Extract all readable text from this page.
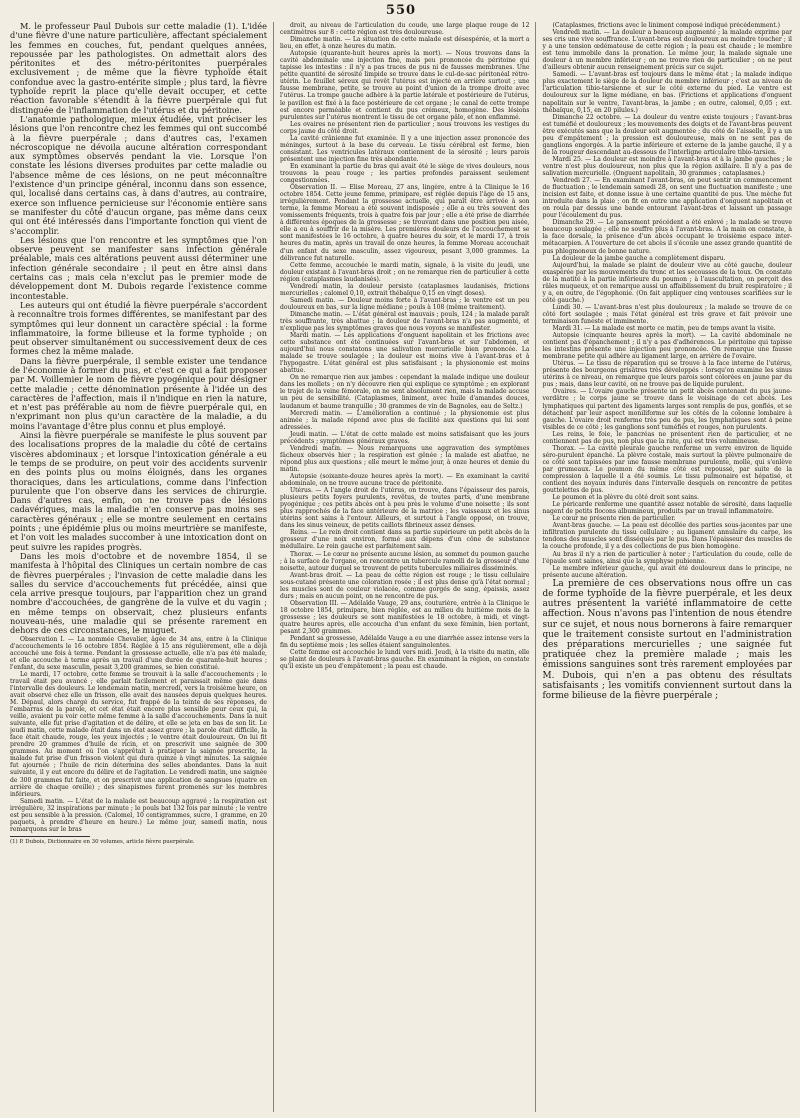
550

M. le professeur Paul Dubois sur cette maladie (1). L'idée d'une fièvre d'une nature particulière, affectant spécialement les femmes en couches, fut, pendant quelques années, repoussée par les pathologistes. On admettait alors des péritonites et des métro-péritonites puerpérales exclusivement ; de même que la fièvre typhoïde était confondue avec la gastro-entérite simple ; plus tard, la fièvre typhoïde reprit la place qu'elle devait occuper, et cette réaction favorable s'étendit à la fièvre puerpérale qui fut distinguée de l'inflammation de l'utérus et du péritoine.

L'anatomie pathologique, mieux étudiée, vint préciser les lésions que l'on rencontre chez les femmes qui ont succombé à la fièvre puerpérale ; dans d'autres cas, l'examen nécroscopique ne dévoila aucune altération correspondant aux symptômes observés pendant la vie. Lorsque l'on constate les lésions diverses produites par cette maladie ou l'absence même de ces lésions, on ne peut méconnaître l'existence d'un principe général, inconnu dans son essence, qui, localisé dans certains cas, à dans d'autres, au contraire, exerce son influence pernicieuse sur l'économie entière sans se manifester du côté d'aucun organe, pas même dans ceux qui ont été intéressés dans l'importante fonction qui vient de s'accomplir.

Les lésions que l'on rencontre et les symptômes que l'on observe peuvent se manifester sans infection générale préalable, mais ces altérations peuvent aussi déterminer une infection générale secondaire ; il peut en être ainsi dans certains cas ; mais cela n'exclut pas le premier mode de développement dont M. Dubois regarde l'existence comme incontestable.

Les auteurs qui ont étudié la fièvre puerpérale s'accordent à reconnaître trois formes différentes, se manifestant par des symptômes qui leur donnent un caractère spécial : la forme inflammatoire, la forme bilieuse et la forme typhoïde ; on peut observer simultanément ou successivement deux de ces formes chez la même malade.

Dans la fièvre puerpérale, il semble exister une tendance de l'économie à former du pus, et c'est ce qui a fait proposer par M. Voillemier le nom de fièvre pyogénique pour désigner cette maladie ; cette dénomination présente à l'idée un des caractères de l'affection, mais il n'indique en rien la nature, et n'est pas préférable au nom de fièvre puerpérale qui, en n'exprimant non plus qu'un caractère de la maladie, a du moins l'avantage d'être plus connu et plus employé.

Ainsi la fièvre puerpérale se manifeste le plus souvent par des localisations propres de la maladie du côté de certains viscères abdominaux ; et lorsque l'intoxication générale a eu le temps de se produire, on peut voir des accidents survenir en des points plus ou moins éloignés, dans les organes thoraciques, dans les articulations, comme dans l'infection purulente que l'on observe dans les services de chirurgie. Dans d'autres cas, enfin, on ne trouve pas de lésions cadavériques, mais la maladie n'en conserve pas moins ses caractères généraux ; elle se montre seulement en certains points ; une épidémie plus ou moins meurtrière se manifeste, et l'on voit les malades succomber à une intoxication dont on peut suivre les rapides progrès.

Dans les mois d'octobre et de novembre 1854, il se manifesta à l'hôpital des Cliniques un certain nombre de cas de fièvres puerpérales ; l'invasion de cette maladie dans les salles du service d'accouchements fut précédée, ainsi que cela arrive presque toujours, par l'apparition chez un grand nombre d'accouchées, de gangrène de la vulve et du vagin ; en même temps on observait, chez plusieurs enfants nouveau-nés, une maladie qui se présente rarement en dehors de ces circonstances, le muguet.

Observation I. — La nommée Chevalier, âgée de 34 ans, entre à la Clinique d'accouchements le 16 octobre 1854. Réglée à 15 ans régulièrement, elle a déjà accouché une fois à terme. Pendant la grossesse actuelle, elle n'a pas été malade, et elle accouche à terme après un travail d'une durée de quarante-huit heures ; l'enfant, du sexe masculin, pesait 3,200 grammes, se bien constitué.

Le mardi, 17 octobre, cette femme se trouvait à la salle d'accouchements ; le travail était peu avancé ; elle parlait facilement et paraissait même gaie dans l'intervalle des douleurs. Le lendemain matin, mercredi, vers la troisième heure, on avait observé chez elle un frisson, elle avait des nausées depuis quelques heures. M. Dépaul, alors chargé du service, fut frappé de la teinte de ses réponses, de l'embarras de la parole, et cet état était encore plus sensible pour ceux qui, la veille, avaient pu voir cette même femme à la salle d'accouchements. Dans la nuit suivante, elle fut prise d'agitation et de délire, et elle se jeta en bas de son lit. Le jeudi matin, cette malade était dans un état assez grave ; la parole était difficile, la face était chaude, rouge, les yeux injectés ; le ventre était douloureux. On lui fit prendre 20 grammes d'huile de ricin, et on prescrivit une saignée de 300 grammes. Au moment où l'on s'apprêtait à pratiquer la saignée prescrite, la malade fut prise d'un frisson violent qui dura quinze à vingt minutes. La saignée fut ajournée ; l'huile de ricin détermina des selles abondantes. Dans la nuit suivante, il y eut encore du délire et de l'agitation. Le vendredi matin, une saignée de 300 grammes fut faite, et on prescrivit une application de sangsues (quatre en arrière de chaque oreille) ; des sinapismes furent promenés sur les membres inférieurs.

Samedi matin. — L'état de la malade est beaucoup aggravé ; la respiration est irrégulière, 32 inspirations par minute ; le pouls bat 132 fois par minute ; le ventre est peu sensible à la pression. (Calomel, 10 centigrammes, sucre, 1 gramme, en 20 paquets, à prendre d'heure en heure.) Le même jour, samedi matin, nous remarquons sur le bras

(1) P. Dubois, Dictionnaire en 30 volumes, article fièvre puerpérale.

droit, au niveau de l'articulation du coude, une large plaque rouge de 12 centimètres sur 8 : cette région est très douloureuse.

Dimanche matin. — La situation de cette malade est désespérée, et la mort a lieu, en effet, à onze heures du matin.

Autopsie (quarante-huit heures après la mort). — Nous trouvons dans la cavité abdominale une injection fine, mais peu prononcée du péritoine qui tapisse les intestins : il n'y a pas traces de pus ni de fausses membranes. Une petite quantité de sérosité limpide se trouve dans le cul-de-sac péritonéal rétro-utérin. Le feuillet séreux qui revêt l'utérus est injecté en arrière surtout ; une fausse membrane, petite, se trouve au point d'union de la trompe droite avec l'utérus. La trompe gauche adhère à la partie latérale et postérieure de l'utérus, le pavillon est fixé à la face postérieure de cet organe ; le canal de cette trompe est encore perméable et contient du pus crémeux, homogène. Des lésions purulentes sur l'utérus montrent le tissu de cet organe pâle, et non enflammé.

Les ovaires ne présentent rien de particulier ; nous trouvons les vestiges du corps jaune du côté droit.

La cavité crânienne fut examinée. Il y a une injection assez prononcée des méninges, surtout à la base du cerveau. Le tissu cérébral est ferme, bien consistant. Les ventricules latéraux contiennent de la sérosité ; leurs parois présentent une injection fine très abondante.

En examinant la partie du bras qui avait été le siège de vives douleurs, nous trouvons la peau rouge ; les parties profondes paraissent seulement congestionnées.

Observation II. — Elise Moreau, 27 ans, lingère, entre à la Clinique le 16 octobre 1854. Cette jeune femme, primipare, est réglée depuis l'âge de 15 ans, irrégulièrement. Pendant la grossesse actuelle, qui paraît être arrivée à son terme, la femme Moreau a été souvent indisposée ; elle a eu très souvent des vomissements fréquents, trois à quatre fois par jour ; elle a été prise de diarrhée à différentes époques de la grossesse ; se trouvant dans une position peu aisée, elle a eu à souffrir de la misère. Les premières douleurs de l'accouchement se sont manifestées le 16 octobre, à quatre heures du soir, et le mardi 17, à trois heures du matin, après un travail de onze heures, la femme Moreau accouchait d'un enfant du sexe masculin, assez vigoureux, pesant 3,000 grammes. La délivrance fut naturelle.

Cette femme, accouchée le mardi matin, signale, à la visite du jeudi, une douleur existant à l'avant-bras droit ; on ne remarque rien de particulier à cette région (cataplasmes laudanisés).

Vendredi matin, la douleur persiste (cataplasmes laudanisés, frictions mercurielles ; calomel 0,10, extrait thébaïque 0,15 en vingt doses).

Samedi matin. — Douleur moins forte à l'avant-bras ; le ventre est un peu douloureux en bas, sur la ligne médiane ; pouls à 108 (même traitement).

Dimanche matin. — L'état général est mauvais ; pouls, 124 ; la malade paraît très souffrante, très abattue ; la douleur de l'avant-bras n'a pas augmenté, et n'explique pas les symptômes graves que nous voyons se manifester.

Mardi matin. — Les applications d'onguent napolitain et les frictions avec cette substance ont été continuées sur l'avant-bras et sur l'abdomen, et aujourd'hui nous constatons une salivation mercurielle bien prononcée. La malade se trouve soulagée ; la douleur est moins vive à l'avant-bras et à l'hypogastre. L'état général est plus satisfaisant ; la physionomie est moins abattue.

On ne remarque rien aux jambes : cependant la malade indique une douleur dans les mollets ; on n'y découvre rien qui explique ce symptôme ; en explorant le trajet de la veine fémorale, on ne sent absolument rien, mais la malade accuse un peu de sensibilité. (Cataplasmes, liniment, avec huile d'amandes douces, laudanum et baume tranquille ; 30 grammes de vin de Bagnoles, eau de Seltz.)

Mercredi matin. — L'amélioration a continué ; la physionomie est plus animée ; la malade répond avec plus de facilité aux questions qui lui sont adressées.

Jeudi matin. — L'état de cette malade est moins satisfaisant que les jours précédents ; symptômes généraux graves.

Vendredi matin. — Nous remarquons une aggravation des symptômes fâcheux observés hier ; la respiration est gênée ; la malade est abattue, ne répond plus aux questions ; elle meurt le même jour, à onze heures et demie du matin.

Autopsie (soixante-douze heures après la mort). — En examinant la cavité abdominale, on ne trouve aucune trace de péritonite.

Utérus. — A l'angle droit de l'utérus, on trouve, dans l'épaisseur des parois, plusieurs petits foyers purulents, revêtus, de toutes parts, d'une membrane pyogénique ; ces petits abcès ont à peu près le volume d'une noisette ; ils sont plus rapprochés de la face antérieure de la matrice ; les vaisseaux et les sinus utérins sont sains à l'entour. Ailleurs, et surtout à l'angle opposé, on trouve, dans les sinus veineux, de petits caillots fibrineux assez denses.

Reins. — Le rein droit contient dans sa partie supérieure un petit abcès de la grosseur d'une noix environ, formé aux dépens d'un cône de substance médullaire. Le rein gauche est parfaitement sain.

Thorax. — Le cœur ne présente aucune lésion, au sommet du poumon gauche ; à la surface de l'organe, on rencontre un tubercule ramolli de la grosseur d'une noisette, autour duquel se trouvent de petits tubercules miliaires disséminés.

Avant-bras droit. — La peau de cette région est rouge ; le tissu cellulaire sous-cutané présente une coloration rosée ; il est plus dense qu'à l'état normal ; les muscles sont de couleur violacée, comme gorgés de sang, épaissis, assez durs ; mais en aucun point, on ne rencontre de pus.

Observation III. — Adélaïde Vauge, 29 ans, couturière, entrée à la Clinique le 18 octobre 1854, primipare, bien réglée, est au milieu du huitième mois de la grossesse ; les douleurs se sont manifestées le 18 octobre, à midi, et vingt-quatre heures après, elle accoucha d'un enfant du sexe féminin, bien portant, pesant 2,300 grammes.

Pendant sa grossesse, Adélaïde Vauge a eu une diarrhée assez intense vers la fin du septième mois ; les selles étaient sanguinolentes.

Cette femme est accouchée le lundi vers midi. Jeudi, à la visite du matin, elle se plaint de douleurs à l'avant-bras gauche. En examinant la région, on constate qu'il existe un peu d'empâtement ; la peau est chaude.

(Cataplasmes, frictions avec le liniment composé indiqué précédemment.)

Vendredi matin. — La douleur a beaucoup augmenté ; la malade exprime par ses cris une vive souffrance. L'avant-bras est douloureux au moindre toucher ; il y a une tension œdémateuse de cette région ; la peau est chaude ; le membre est tenu immobile dans la pronation. Le même jour, la malade signale une douleur à un membre inférieur ; on ne trouve rien de particulier ; on ne peut d'ailleurs obtenir aucun renseignement précis sur ce sujet.

Samedi. — L'avant-bras est toujours dans le même état ; la malade indique plus exactement le siège de la douleur du membre inférieur ; c'est au niveau de l'articulation tibio-tarsienne et sur le côté externe du pied. Le ventre est douloureux sur la ligne médiane, en bas. (Frictions et applications d'onguent napolitain sur le ventre, l'avant-bras, la jambe ; en outre, calomel, 0,05 ; ext. thébaïque, 0,15, en 20 pilules.)

Dimanche 22 octobre. — La douleur du ventre existe toujours ; l'avant-bras est tuméfié et douloureux ; les mouvements des doigts et de l'avant-bras peuvent être exécutés sans que la douleur soit augmentée ; du côté de l'aisselle, il y a un peu d'empâtement ; la pression est douloureuse, mais on ne sent pas de ganglions engorgés. A la partie inférieure et externe de la jambe gauche, il y a de la rougeur descendant au-dessous de l'interligne articulaire tibio-tarsien.

Mardi 25. — La douleur est moindre à l'avant-bras et à la jambe gauches ; le ventre n'est plus douloureux, non plus que la région axillaire. Il n'y a pas de salivation mercurielle. (Onguent napolitain, 30 grammes ; cataplasmes.)

Vendredi 27. — En examinant l'avant-bras, on peut sentir un commencement de fluctuation ; le lendemain samedi 28, on sent une fluctuation manifeste ; une incision est faite, et donne issue à une certaine quantité de pus. Une mèche fut introduite dans la plaie ; on fit en outre une application d'onguent napolitain et on roula par dessus une bande entourant l'avant-bras et laissant un passage pour l'écoulement du pus.

Dimanche 29. — Le pansement précédent a été enlevé ; la malade se trouve beaucoup soulagée ; elle ne souffre plus à l'avant-bras. A la main on constate, à la face dorsale, la présence d'un abcès occupant le troisième espace inter-métacarpien. A l'ouverture de cet abcès il s'écoule une assez grande quantité de pus phlegmoneux de bonne nature.

La douleur de la jambe gauche a complètement disparu.

Aujourd'hui, la malade se plaint de douleur vive au côté gauche, douleur exaspérée par les mouvements du tronc et les secousses de la toux. On constate de la matité à la partie inférieure du poumon ; à l'auscultation, on perçoit des râles muqueux, et on remarque aussi un affaiblissement du bruit respiratoire ; il y a, en outre, de l'égophonie. (On fait appliquer cinq ventouses scarifiées sur le côté gauche.)

Lundi 30. — L'avant-bras n'est plus douloureux ; la malade se trouve de ce côté fort soulagée ; mais l'état général est très grave et fait prévoir une terminaison funeste et imminente.

Mardi 31. — La malade est morte ce matin, peu de temps avant la visite.

Autopsie (cinquante heures après la mort). — La cavité abdominale ne contient pas d'épanchement ; il n'y a pas d'adhérences. Le péritoine qui tapisse les intestins présente une injection peu prononcée. On remarque une fausse membrane petite qui adhère au ligament large, en arrière de l'ovaire.

Utérus. — Le tissu de réparation qui se trouve à la face interne de l'utérus, présente des bourgeons grisâtres très développés : lorsqu'on examine les sinus utérins à ce niveau, on remarque que leurs parois sont colorées en jaune par du pus ; mais, dans leur cavité, on ne trouve pas de liquide purulent.

Ovaires. — L'ovaire gauche présente un petit abcès contenant du pus jaune-verdâtre ; le corps jaune se trouve dans le voisinage de cet abcès. Les lymphatiques qui partent des ligaments larges sont remplis de pus, gonflés, et se détachent par leur aspect moniliforme sur les côtés de la colonne lombaire à gauche. L'ovaire droit renferme très peu de pus, les lymphatiques sont à peine visibles de ce côté ; les ganglions sont tuméfiés et rouges, non purulents.

Les reins, le foie, le pancréas ne présentent rien de particulier, et ne contiennent pas de pus, non plus que la rate, qui est très volumineuse.

Thorax. — La cavité pleurale gauche renferme un verre environ de liquide séro-purulent épanché. La plèvre costale, mais surtout la plèvre pulmonaire de ce côté sont tapissées par une fausse membrane purulente, molle, qui s'enlève par grumeaux. Le poumon du même côté est repoussé, par suite de la compression à laquelle il a été soumis. Le tissu pulmonaire est hépatisé, et contient des noyaux indurés dans l'intervalle desquels on rencontre de petites gouttelettes de pus.

Le poumon et la plèvre du côté droit sont sains.

Le péricarde renferme une quantité assez notable de sérosité, dans laquelle nagent de petits flocons albumineux, produits par un travail inflammatoire.

Le cœur ne présente rien de particulier.

Avant-bras gauche. — La peau est décollée des parties sous-jacentes par une infiltration purulente du tissu cellulaire ; au ligament annulaire du carpe, les tendons des muscles sont disséqués par le pus. Dans l'épaisseur des muscles de la couche profonde, il y a des collections de pus bien homogène.

Au bras il n'y a rien de particulier à noter ; l'articulation du coude, celle de l'épaule sont saines, ainsi que la symphyse pubienne.

Le membre inférieur gauche, qui avait été douloureux dans le principe, ne présente aucune altération.

La première de ces observations nous offre un cas de forme typhoïde de la fièvre puerpérale, et les deux autres présentent la variété inflammatoire de cette affection. Nous n'avons pas l'intention de nous étendre sur ce sujet, et nous nous bornerons à faire remarquer que le traitement consiste surtout en l'administration des préparations mercurielles ; une saignée fut pratiquée chez la première malade ; mais les émissions sanguines sont très rarement employées par M. Dubois, qui n'en a pas obtenu des résultats satisfaisants ; les vomitifs conviennent surtout dans la forme bilieuse de la fièvre puerpérale ;
